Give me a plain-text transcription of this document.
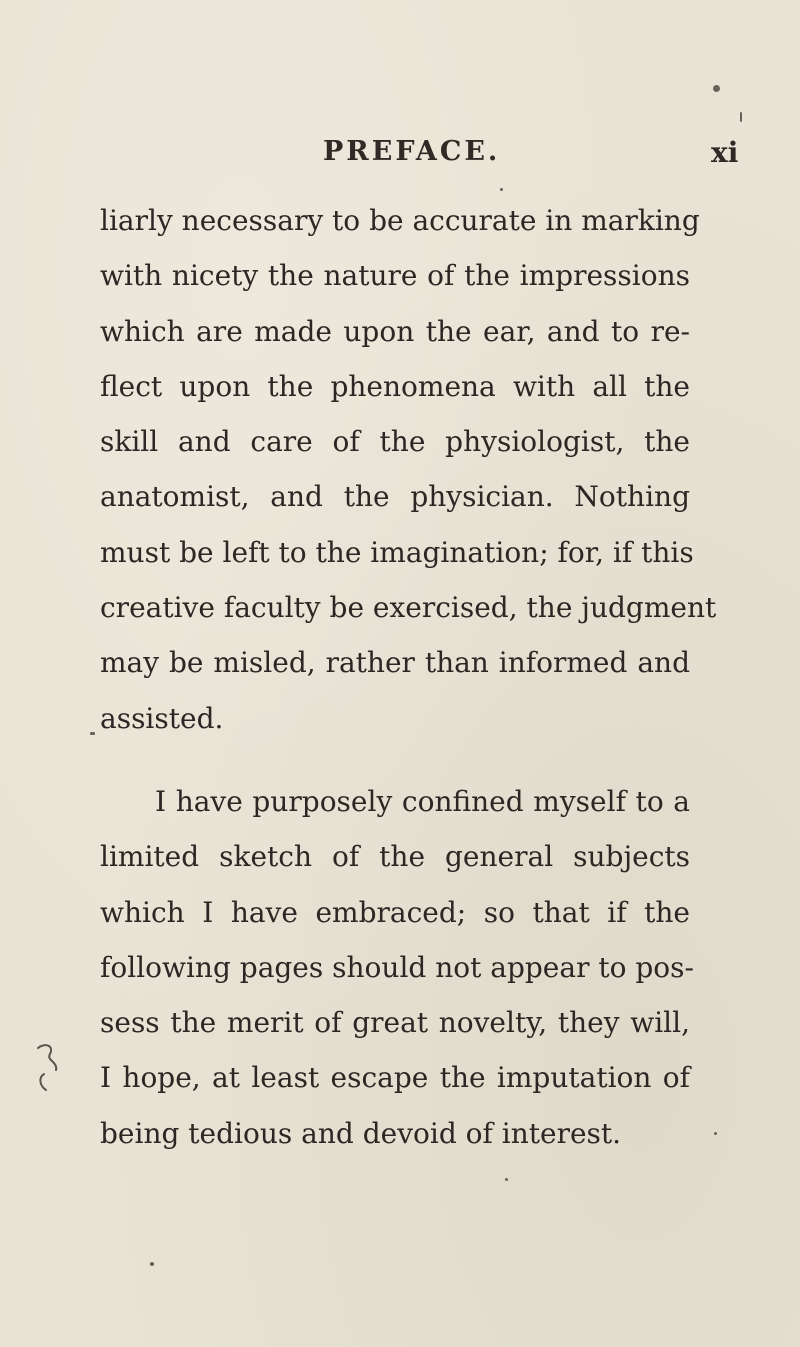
PREFACE.	xi
liarly necessary to be accurate in marking
with nicety the nature of the impressions
which are made upon the ear, and to re-
flect upon the phenomena with all the
skill and care of the physiologist, the
anatomist, and the physician. Nothing
must be left to the imagination; for, if this
creative faculty be exercised, the judgment
may be misled, rather than informed and
assisted.
I have purposely confined myself to a
limited sketch of the general subjects
which I have embraced; so that if the
following pages should not appear to pos-
sess the merit of great novelty, they will,
I hope, at least escape the imputation of
being tedious and devoid of interest.
